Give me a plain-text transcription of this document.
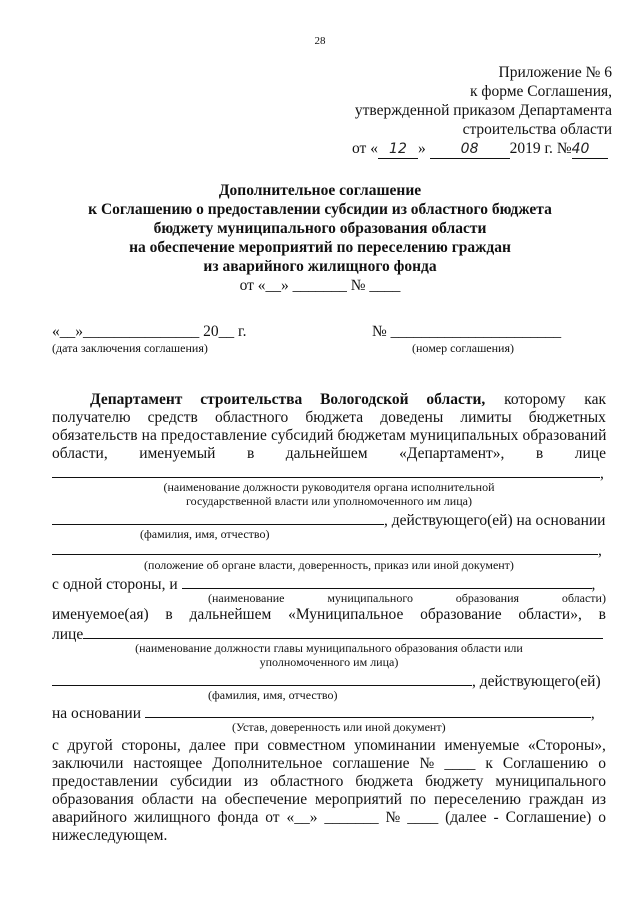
28
Приложение № 6
к форме Соглашения,
утвержденной приказом Департамента
строительства области
от « 12 » 08 2019 г. №40
Дополнительное соглашение
к Соглашению о предоставлении субсидии из областного бюджета
бюджету муниципального образования области
на обеспечение мероприятий по переселению граждан
из аварийного жилищного фонда
от «__» _______ № ____
«__»_______________ 20__ г.
(дата заключения соглашения)
№ ______________________
(номер соглашения)
Департамент строительства Вологодской области, которому как
получателю средств областного бюджета доведены лимиты бюджетных
обязательств на предоставление субсидий бюджетам муниципальных образований
области, именуемый в дальнейшем «Департамент», в лице
,
(наименование должности руководителя органа исполнительной
государственной власти или уполномоченного им лица)
, действующего(ей) на основании
(фамилия, имя, отчество)
,
(положение об органе власти, доверенность, приказ или иной документ)
с одной стороны, и	,
(наименование	муниципального	образования	области)
именуемое(ая) в дальнейшем «Муниципальное образование области», в
лице
(наименование должности главы муниципального образования области или
уполномоченного им лица)
, действующего(ей)
(фамилия, имя, отчество)
на основании	,
(Устав, доверенность или иной документ)
с другой стороны, далее при совместном упоминании именуемые «Стороны»,
заключили настоящее Дополнительное соглашение № ____ к Соглашению о
предоставлении субсидии из областного бюджета бюджету муниципального
образования области на обеспечение мероприятий по переселению граждан из
аварийного жилищного фонда от «__» _______ № ____ (далее - Соглашение) о
нижеследующем.
